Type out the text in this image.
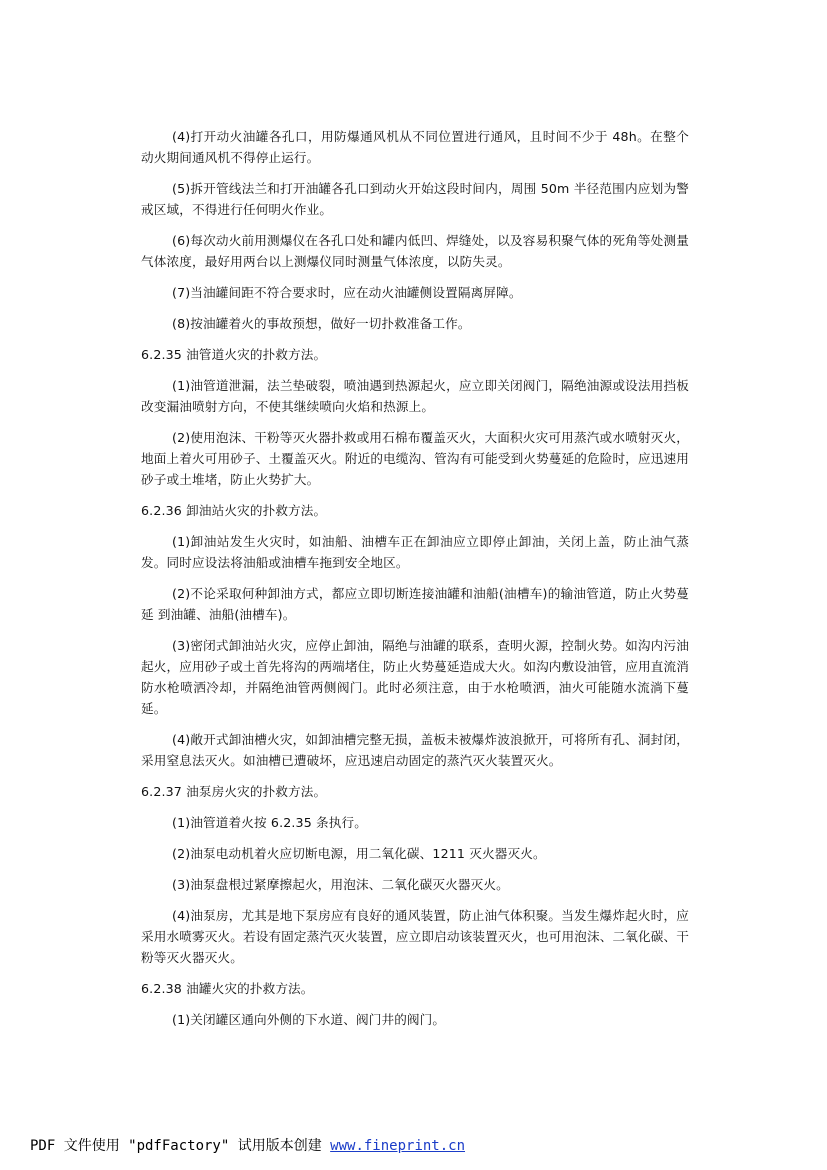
(4)打开动火油罐各孔口，用防爆通风机从不同位置进行通风，且时间不少于 48h。在整个动火期间通风机不得停止运行。

(5)拆开管线法兰和打开油罐各孔口到动火开始这段时间内，周围 50m 半径范围内应划为警戒区域，不得进行任何明火作业。

(6)每次动火前用测爆仪在各孔口处和罐内低凹、焊缝处，以及容易积聚气体的死角等处测量气体浓度，最好用两台以上测爆仪同时测量气体浓度，以防失灵。

(7)当油罐间距不符合要求时，应在动火油罐侧设置隔离屏障。

(8)按油罐着火的事故预想，做好一切扑救准备工作。

6.2.35 油管道火灾的扑救方法。

(1)油管道泄漏，法兰垫破裂，喷油遇到热源起火，应立即关闭阀门，隔绝油源或设法用挡板改变漏油喷射方向，不使其继续喷向火焰和热源上。

(2)使用泡沫、干粉等灭火器扑救或用石棉布覆盖灭火，大面积火灾可用蒸汽或水喷射灭火，地面上着火可用砂子、土覆盖灭火。附近的电缆沟、管沟有可能受到火势蔓延的危险时，应迅速用砂子或土堆堵，防止火势扩大。

6.2.36 卸油站火灾的扑救方法。

(1)卸油站发生火灾时，如油船、油槽车正在卸油应立即停止卸油，关闭上盖，防止油气蒸发。同时应设法将油船或油槽车拖到安全地区。

(2)不论采取何种卸油方式，都应立即切断连接油罐和油船(油槽车)的输油管道，防止火势蔓延 到油罐、油船(油槽车)。

(3)密闭式卸油站火灾，应停止卸油，隔绝与油罐的联系，查明火源，控制火势。如沟内污油起火，应用砂子或土首先将沟的两端堵住，防止火势蔓延造成大火。如沟内敷设油管，应用直流消防水枪喷洒冷却，并隔绝油管两侧阀门。此时必须注意，由于水枪喷洒，油火可能随水流淌下蔓延。

(4)敞开式卸油槽火灾，如卸油槽完整无损，盖板未被爆炸波浪掀开，可将所有孔、洞封闭，采用窒息法灭火。如油槽已遭破坏，应迅速启动固定的蒸汽灭火装置灭火。

6.2.37 油泵房火灾的扑救方法。

(1)油管道着火按 6.2.35 条执行。

(2)油泵电动机着火应切断电源，用二氧化碳、1211 灭火器灭火。

(3)油泵盘根过紧摩擦起火，用泡沫、二氧化碳灭火器灭火。

(4)油泵房，尤其是地下泵房应有良好的通风装置，防止油气体积聚。当发生爆炸起火时，应采用水喷雾灭火。若设有固定蒸汽灭火装置，应立即启动该装置灭火，也可用泡沫、二氧化碳、干粉等灭火器灭火。

6.2.38 油罐火灾的扑救方法。

(1)关闭罐区通向外侧的下水道、阀门井的阀门。

PDF 文件使用 "pdfFactory" 试用版本创建 www.fineprint.cn
